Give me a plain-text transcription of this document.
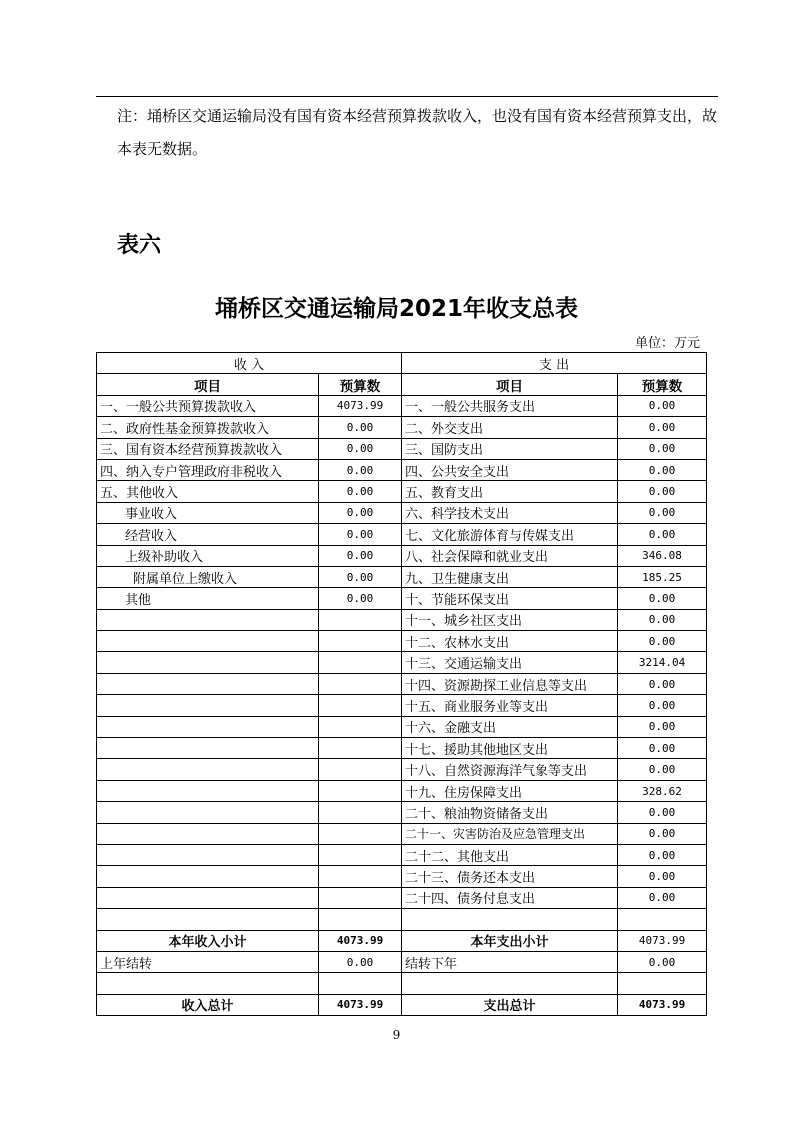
注：埇桥区交通运输局没有国有资本经营预算拨款收入，也没有国有资本经营预算支出，故本表无数据。
表六
埇桥区交通运输局2021年收支总表
单位：万元
收 入		支 出	
项目	预算数	项目	预算数
一、一般公共预算拨款收入	4073.99	一、一般公共服务支出	0.00
二、政府性基金预算拨款收入	0.00	二、外交支出	0.00
三、国有资本经营预算拨款收入	0.00	三、国防支出	0.00
四、纳入专户管理政府非税收入	0.00	四、公共安全支出	0.00
五、其他收入	0.00	五、教育支出	0.00
事业收入	0.00	六、科学技术支出	0.00
经营收入	0.00	七、文化旅游体育与传媒支出	0.00
上级补助收入	0.00	八、社会保障和就业支出	346.08
附属单位上缴收入	0.00	九、卫生健康支出	185.25
其他	0.00	十、节能环保支出	0.00
		十一、城乡社区支出	0.00
		十二、农林水支出	0.00
		十三、交通运输支出	3214.04
		十四、资源勘探工业信息等支出	0.00
		十五、商业服务业等支出	0.00
		十六、金融支出	0.00
		十七、援助其他地区支出	0.00
		十八、自然资源海洋气象等支出	0.00
		十九、住房保障支出	328.62
		二十、粮油物资储备支出	0.00
		二十一、灾害防治及应急管理支出	0.00
		二十二、其他支出	0.00
		二十三、债务还本支出	0.00
		二十四、债务付息支出	0.00

本年收入小计	4073.99	本年支出小计	4073.99
上年结转	0.00	结转下年	0.00

收入总计	4073.99	支出总计	4073.99
9
